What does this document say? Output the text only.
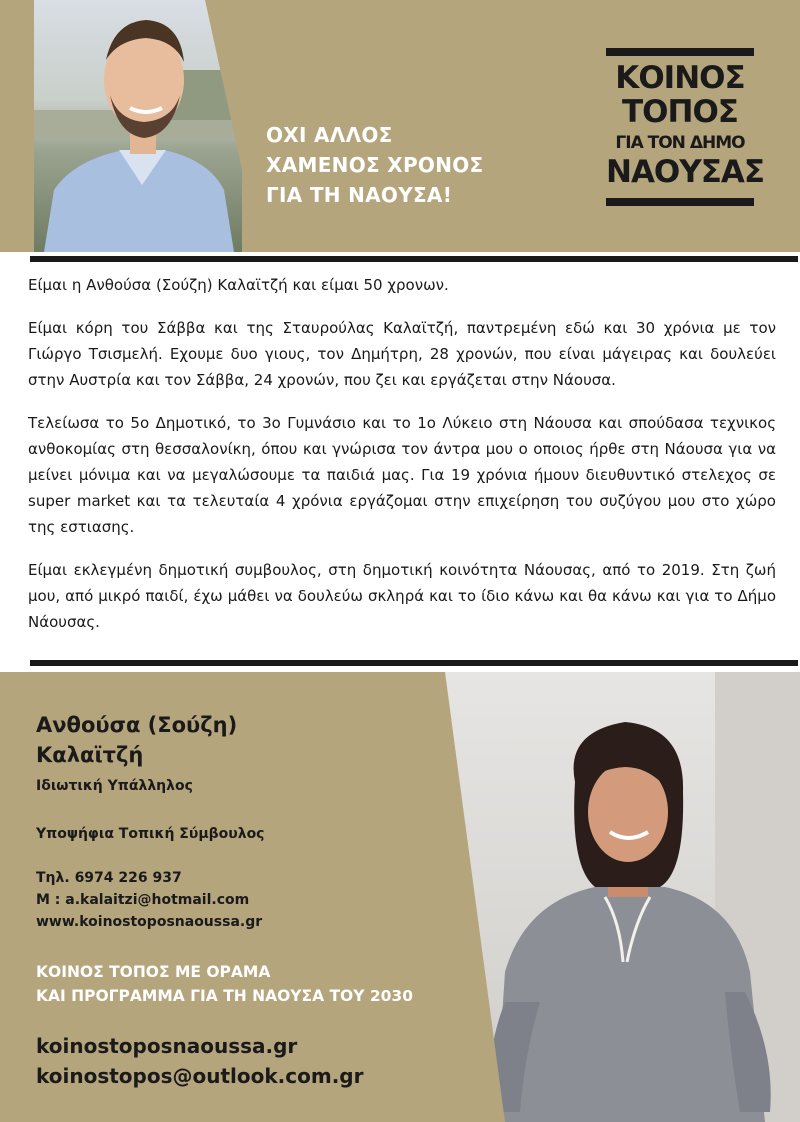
ΟΧΙ ΑΛΛΟΣ
ΧΑΜΕΝΟΣ ΧΡΟΝΟΣ
ΓΙΑ ΤΗ ΝΑΟΥΣΑ!
ΚΟΙΝΟΣ
ΤΟΠΟΣ
ΓΙΑ ΤΟΝ ΔΗΜΟ
ΝΑΟΥΣΑΣ

Είμαι η Ανθούσα (Σούζη) Καλαϊτζή και είμαι 50 χρονων.

Είμαι κόρη του Σάββα και της Σταυρούλας Καλαϊτζή, παντρεμένη εδώ και 30 χρόνια με τον Γιώργο Τσισμελή. Εχουμε δυο γιους, τον Δημήτρη, 28 χρονών, που είναι μάγειρας και δουλεύει στην Αυστρία και τον Σάββα, 24 χρονών, που ζει και εργάζεται στην Νάουσα.

Τελείωσα το 5ο Δημοτικό, το 3ο Γυμνάσιο και το 1ο Λύκειο στη Νάουσα και σπούδασα τεχνικος ανθοκομίας στη θεσσαλονίκη, όπου και γνώρισα τον άντρα μου ο οποιος ήρθε στη Νάουσα για να μείνει μόνιμα και να μεγαλώσουμε τα παιδιά μας. Για 19 χρόνια ήμουν διευθυντικό στελεχος σε super market και τα τελευταία 4 χρόνια εργάζομαι στην επιχείρηση του συζύγου μου στο χώρο της εστιασης.

Είμαι εκλεγμένη δημοτική συμβουλος, στη δημοτική κοινότητα Νάουσας, από το 2019. Στη ζωή μου, από μικρό παιδί, έχω μάθει να δουλεύω σκληρά και το ίδιο κάνω και θα κάνω και για το Δήμο Νάουσας.

Ανθούσα (Σούζη)
Καλαϊτζή
Ιδιωτική Υπάλληλος
Υποψήφια Τοπική Σύμβουλος
Τηλ. 6974 226 937
M : a.kalaitzi@hotmail.com
www.koinostoposnaoussa.gr
ΚΟΙΝΟΣ ΤΟΠΟΣ ΜΕ ΟΡΑΜΑ
ΚΑΙ ΠΡΟΓΡΑΜΜΑ ΓΙΑ ΤΗ ΝΑΟΥΣΑ ΤΟΥ 2030
koinostoposnaoussa.gr
koinostopos@outlook.com.gr
